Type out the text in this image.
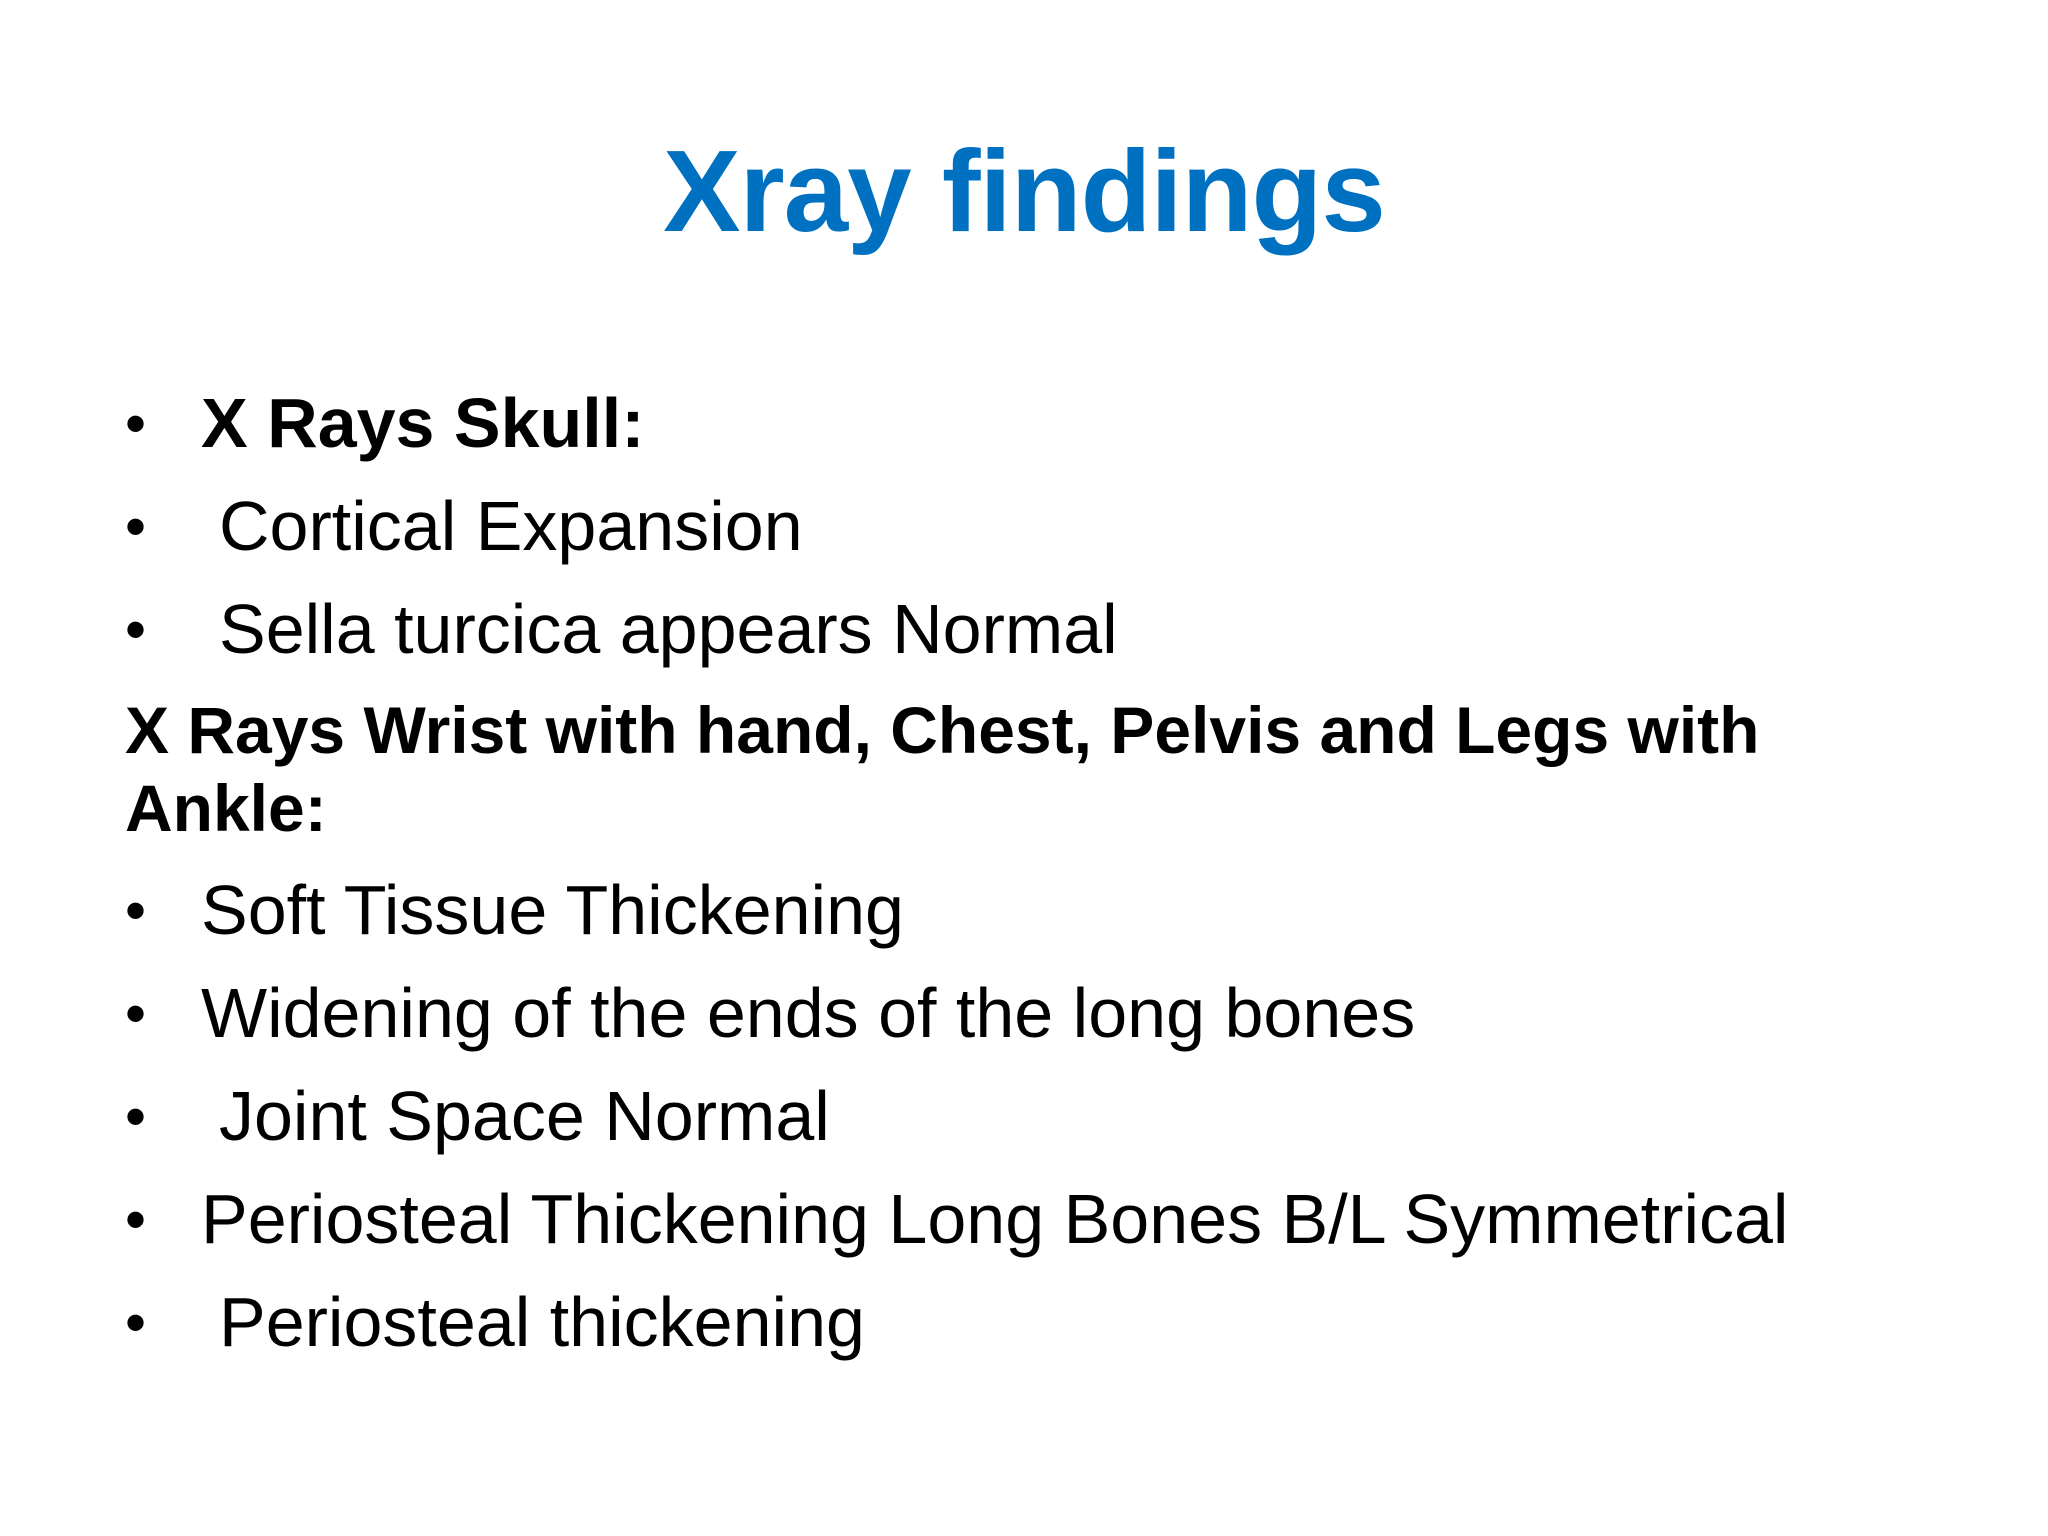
Xray findings
• X Rays Skull:
• Cortical Expansion
• Sella turcica appears Normal
X Rays Wrist with hand, Chest, Pelvis and Legs with Ankle:
• Soft Tissue Thickening
• Widening of the ends of the long bones
• Joint Space Normal
• Periosteal Thickening Long Bones B/L Symmetrical
• Periosteal thickening
